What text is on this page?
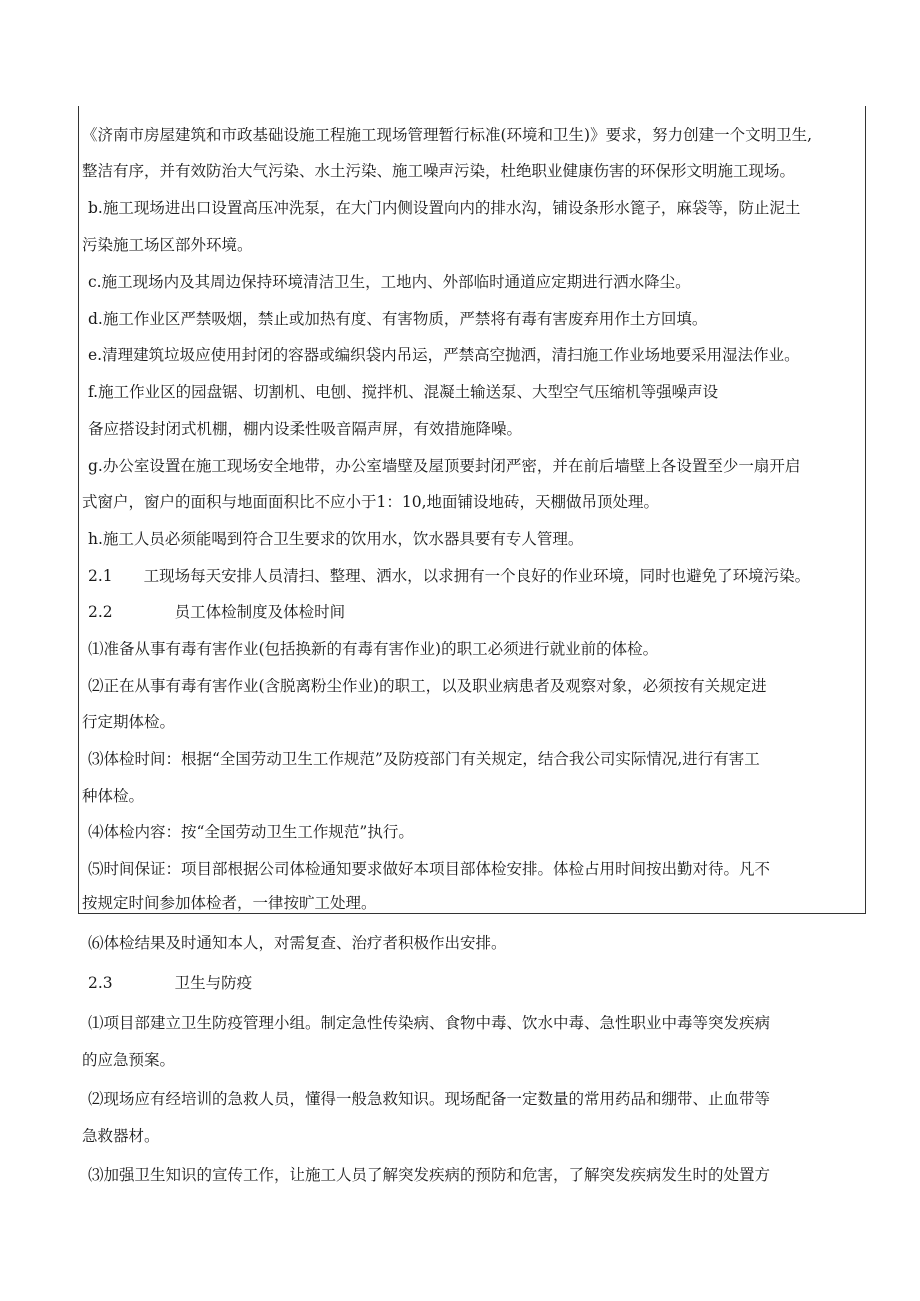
《济南市房屋建筑和市政基础设施工程施工现场管理暂行标准(环境和卫生)》要求，努力创建一个文明卫生,
整洁有序，并有效防治大气污染、水土污染、施工噪声污染，杜绝职业健康伤害的环保形文明施工现场。
b.施工现场进出口设置高压冲洗泵，在大门内侧设置向内的排水沟，铺设条形水篦子，麻袋等，防止泥土
污染施工场区部外环境。
c.施工现场内及其周边保持环境清洁卫生，工地内、外部临时通道应定期进行洒水降尘。
d.施工作业区严禁吸烟，禁止或加热有度、有害物质，严禁将有毒有害废弃用作土方回填。
e.清理建筑垃圾应使用封闭的容器或编织袋内吊运，严禁高空抛洒，清扫施工作业场地要采用湿法作业。
f.施工作业区的园盘锯、切割机、电刨、搅拌机、混凝土输送泵、大型空气压缩机等强噪声设
备应搭设封闭式机棚，棚内设柔性吸音隔声屏，有效措施降噪。
g.办公室设置在施工现场安全地带，办公室墙壁及屋顶要封闭严密，并在前后墙壁上各设置至少一扇开启
式窗户，窗户的面积与地面面积比不应小于1：10,地面铺设地砖，天棚做吊顶处理。
h.施工人员必须能喝到符合卫生要求的饮用水，饮水器具要有专人管理。
2.1　　工现场每天安排人员清扫、整理、洒水，以求拥有一个良好的作业环境，同时也避免了环境污染。
2.2　　　　员工体检制度及体检时间
⑴准备从事有毒有害作业(包括换新的有毒有害作业)的职工必须进行就业前的体检。
⑵正在从事有毒有害作业(含脱离粉尘作业)的职工，以及职业病患者及观察对象，必须按有关规定进
行定期体检。
⑶体检时间：根据“全国劳动卫生工作规范”及防疫部门有关规定，结合我公司实际情况,进行有害工
种体检。
⑷体检内容：按“全国劳动卫生工作规范”执行。
⑸时间保证：项目部根据公司体检通知要求做好本项目部体检安排。体检占用时间按出勤对待。凡不
按规定时间参加体检者，一律按旷工处理。
⑹体检结果及时通知本人，对需复查、治疗者积极作出安排。
2.3　　　　卫生与防疫
⑴项目部建立卫生防疫管理小组。制定急性传染病、食物中毒、饮水中毒、急性职业中毒等突发疾病
的应急预案。
⑵现场应有经培训的急救人员，懂得一般急救知识。现场配备一定数量的常用药品和绷带、止血带等
急救器材。
⑶加强卫生知识的宣传工作，让施工人员了解突发疾病的预防和危害，了解突发疾病发生时的处置方
